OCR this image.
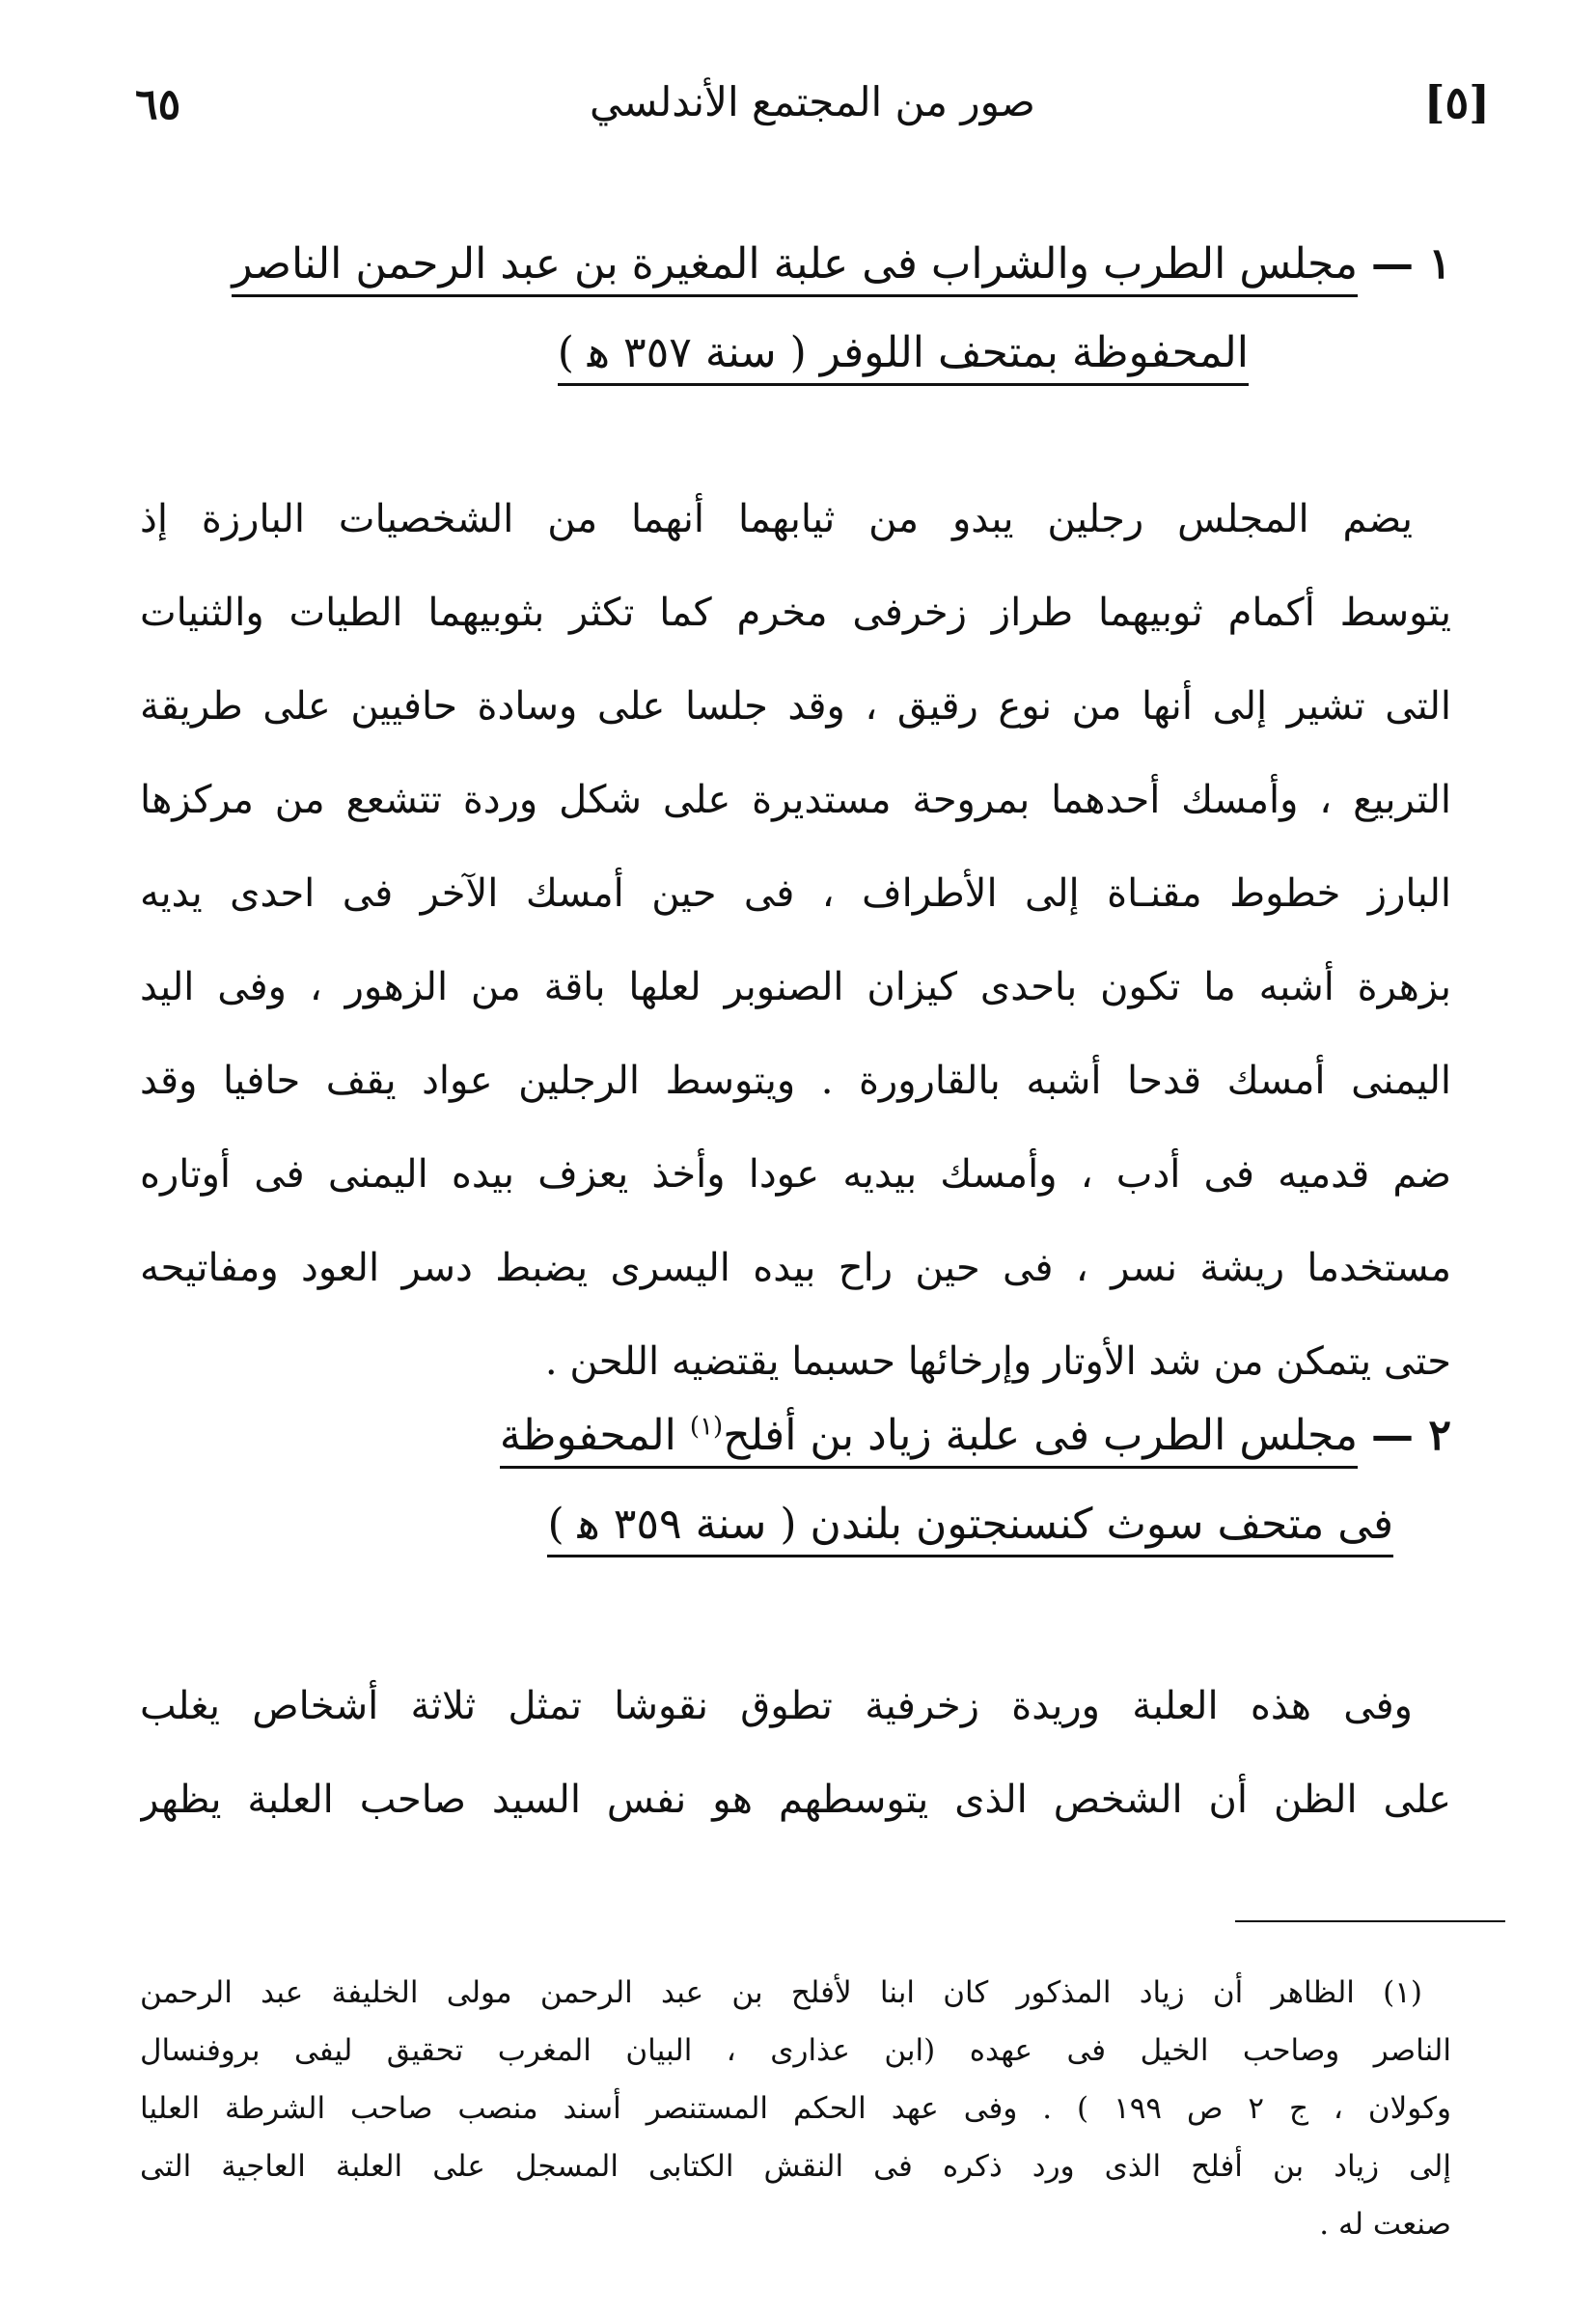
٦٥	صور من المجتمع الأندلسي	[٥]
١ — مجلس الطرب والشراب فى علبة المغيرة بن عبد الرحمن الناصر
المحفوظة بمتحف اللوفر ( سنة ٣٥٧ ﻫ )
يضم المجلس رجلين يبدو من ثيابهما أنهما من الشخصيات البارزة إذ
يتوسط أكمام ثوبيهما طراز زخرفى مخرم كما تكثر بثوبيهما الطيات والثنيات
التى تشير إلى أنها من نوع رقيق ، وقد جلسا على وسادة حافيين على طريقة
التربيع ، وأمسك أحدهما بمروحة مستديرة على شكل وردة تتشعع من مركزها
البارز خطوط مقنـاة إلى الأطراف ، فى حين أمسك الآخر فى احدى يديه
بزهرة أشبه ما تكون باحدى كيزان الصنوبر لعلها باقة من الزهور ، وفى اليد
اليمنى أمسك قدحا أشبه بالقارورة . ويتوسط الرجلين عواد يقف حافيا وقد
ضم قدميه فى أدب ، وأمسك بيديه عودا وأخذ يعزف بيده اليمنى فى أوتاره
مستخدما ريشة نسر ، فى حين راح بيده اليسرى يضبط دسر العود ومفاتيحه
حتى يتمكن من شد الأوتار وإرخائها حسبما يقتضيه اللحن .
٢ — مجلس الطرب فى علبة زياد بن أفلح$^{(١)}$ المحفوظة
فى متحف سوث كنسنجتون بلندن ( سنة ٣٥٩ ﻫ )
وفى هذه العلبة وريدة زخرفية تطوق نقوشا تمثل ثلاثة أشخاص يغلب
على الظن أن الشخص الذى يتوسطهم هو نفس السيد صاحب العلبة يظهر
(١) الظاهر أن زياد المذكور كان ابنا لأفلح بن عبد الرحمن مولى الخليفة عبد الرحمن
الناصر وصاحب الخيل فى عهده (ابن عذارى ، البيان المغرب تحقيق ليفى بروفنسال
وكولان ، ج ٢ ص ١٩٩ ) . وفى عهد الحكم المستنصر أسند منصب صاحب الشرطة العليا
إلى زياد بن أفلح الذى ورد ذكره فى النقش الكتابى المسجل على العلبة العاجية التى
صنعت له .
